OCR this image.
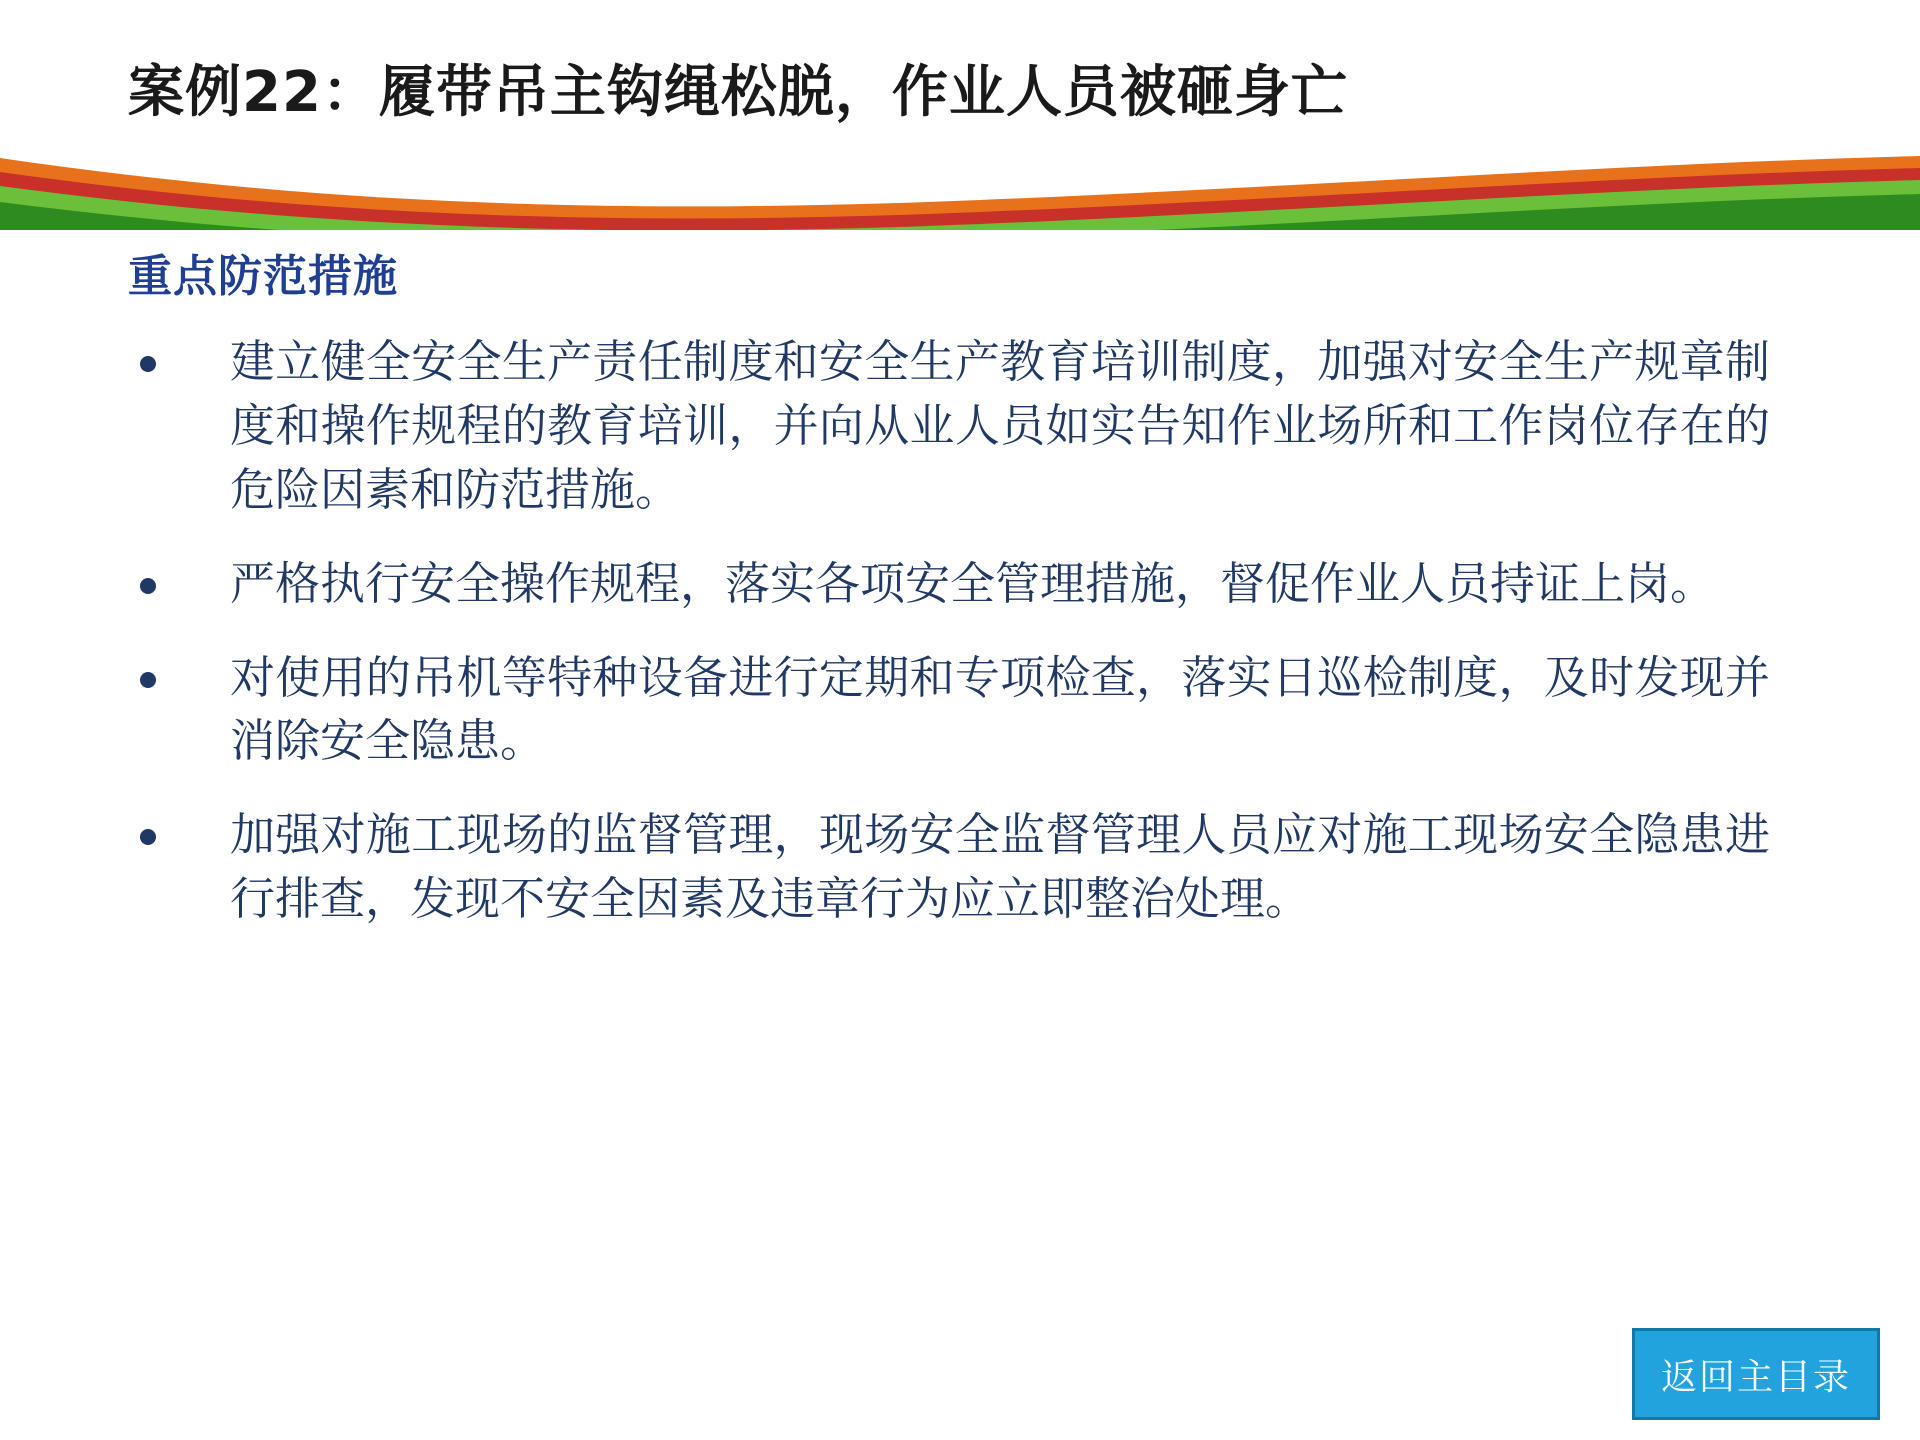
案例22：履带吊主钩绳松脱，作业人员被砸身亡
重点防范措施
建立健全安全生产责任制度和安全生产教育培训制度，加强对安全生产规章制度和操作规程的教育培训，并向从业人员如实告知作业场所和工作岗位存在的危险因素和防范措施。
严格执行安全操作规程，落实各项安全管理措施，督促作业人员持证上岗。
对使用的吊机等特种设备进行定期和专项检查，落实日巡检制度，及时发现并消除安全隐患。
加强对施工现场的监督管理，现场安全监督管理人员应对施工现场安全隐患进行排查，发现不安全因素及违章行为应立即整治处理。
返回主目录
